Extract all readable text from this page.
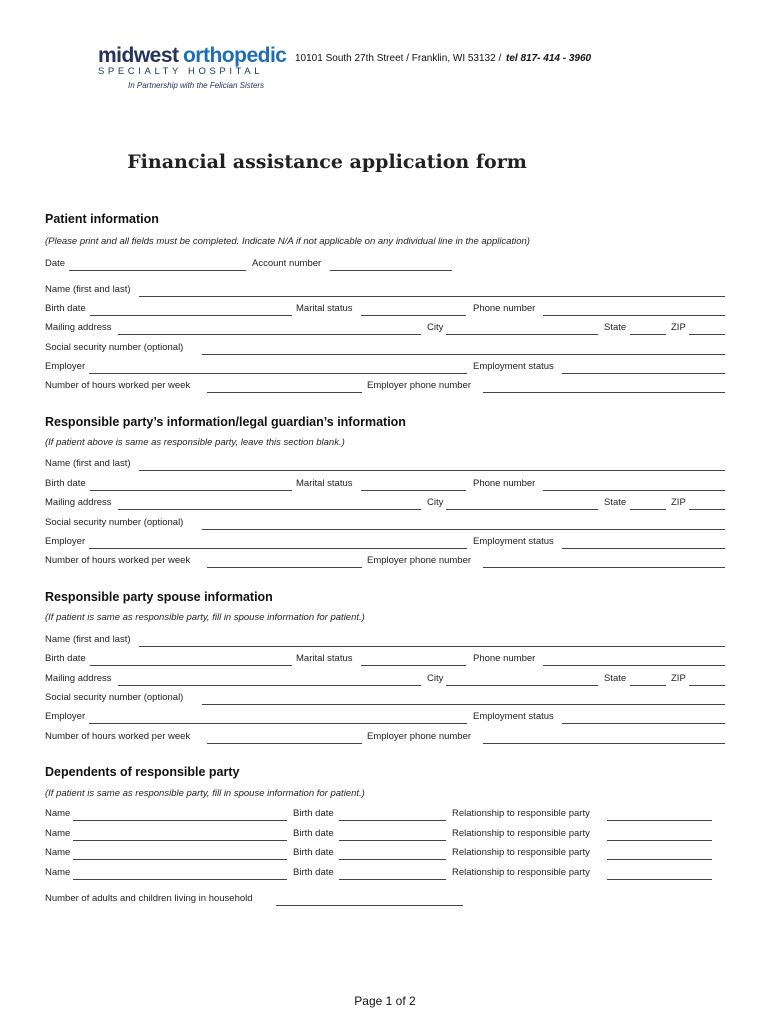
midwest orthopedic 10101 South 27th Street / Franklin, WI 53132 / tel 817- 414 - 3960
SPECIALTY HOSPITAL
In Partnership with the Felician Sisters
Financial assistance application form
Patient information
(Please print and all fields must be completed. Indicate N/A if not applicable on any individual line in the application)
Date	Account number
Name (first and last)
Birth date	Marital status	Phone number
Mailing address	City	State	ZIP
Social security number (optional)
Employer	Employment status
Number of hours worked per week	Employer phone number
Responsible party’s information/legal guardian’s information
(If patient above is same as responsible party, leave this section blank.)
Name (first and last)
Birth date	Marital status	Phone number
Mailing address	City	State	ZIP
Social security number (optional)
Employer	Employment status
Number of hours worked per week	Employer phone number
Responsible party spouse information
(If patient is same as responsible party, fill in spouse information for patient.)
Name (first and last)
Birth date	Marital status	Phone number
Mailing address	City	State	ZIP
Social security number (optional)
Employer	Employment status
Number of hours worked per week	Employer phone number
Dependents of responsible party
(If patient is same as responsible party, fill in spouse information for patient.)
Name	Birth date	Relationship to responsible party
Name	Birth date	Relationship to responsible party
Name	Birth date	Relationship to responsible party
Name	Birth date	Relationship to responsible party
Number of adults and children living in household
Page 1 of 2
